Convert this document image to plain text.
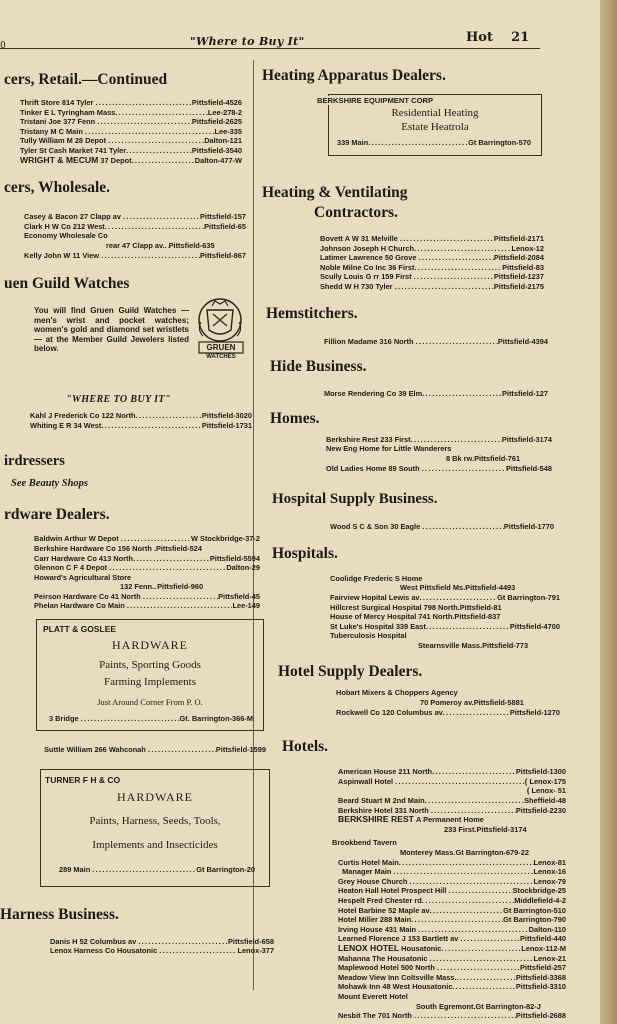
0	"Where to Buy It"	Hot 21
cers, Retail.—Continued
Thrift Store 814 Tyler .....	Pittsfield-4526
Tinker E L Tyringham Mass .....	Lee-278-2
Tristani Joe 377 Fenn .....	Pittsfield-2625
Tristany M C Main .....	Lee-335
Tully William M 28 Depot .....	Dalton-121
Tyler St Cash Market 741 Tyler .....	Pittsfield-3540
WRIGHT & MECUM 37 Depot .....	Dalton-477-W
cers, Wholesale.
Casey & Bacon 27 Clapp av .....	Pittsfield-157
Clark H W Co 212 West .....	Pittsfield-65
Economy Wholesale Co
rear 47 Clapp av. ..... Pittsfield-635
Kelly John W 11 View .....	Pittsfield-867
uen Guild Watches
You will find Gruen Guild Watches — men's wrist and pocket watches; women's gold and diamond set wristlets— at the Member Guild Jewelers listed below.	GRUEN
WATCHES
"WHERE TO BUY IT"
Kahl J Frederick Co 122 North .....	Pittsfield-3020
Whiting E R 34 West .....	Pittsfield-1731
irdressers
See Beauty Shops
rdware Dealers.
Baldwin Arthur W Depot .....	W Stockbridge-37-2
Berkshire Hardware Co 156 North ..... Pittsfield-524
Carr Hardware Co 413 North .....	Pittsfield-5594
Glennon C F 4 Depot .....	Dalton-29
Howard's Agricultural Store
132 Fenn. ..... Pittsfield-960
Peirson Hardware Co 41 North .....	Pittsfield-45
Phelan Hardware Co Main .....	Lee-149
PLATT & GOSLEE
HARDWARE
Paints, Sporting Goods
Farming Implements
Just Around Corner From P. O.
3 Bridge .....	Gt. Barrington-366-M
Suttle William 266 Wahconah .....	Pittsfield-1599
TURNER F H & CO
HARDWARE
Paints, Harness, Seeds, Tools,
Implements and Insecticides
289 Main .....	Gt Barrington-20
Harness Business.
Danis H 52 Columbus av .....	Pittsfield-658
Lenox Harness Co Housatonic .....	Lenox-377
Heating Apparatus Dealers.
BERKSHIRE EQUIPMENT CORP
Residential Heating
Estate Heatrola
339 Main .....	Gt Barrington-570
Heating & Ventilating
Contractors.
Bovett A W 31 Melville .....	Pittsfield-2171
Johnson Joseph H Church .....	Lenox-12
Latimer Lawrence 50 Grove .....	Pittsfield-2084
Noble Milne Co Inc 36 First .....	Pittsfield-83
Scully Louis G rr 159 First .....	Pittsfield-1237
Shedd W H 730 Tyler .....	Pittsfield-2175
Hemstitchers.
Fillion Madame 316 North .....	Pittsfield-4394
Hide Business.
Morse Rendering Co 39 Elm .....	Pittsfield-127
Homes.
Berkshire Rest 233 First .....	Pittsfield-3174
New Eng Home for Little Wanderers
8 Bk rw. Pittsfield-761
Old Ladies Home 89 South .....	Pittsfield-548
Hospital Supply Business.
Wood S C & Son 30 Eagle .....	Pittsfield-1770
Hospitals.
Coolidge Frederic S Home
West Pittsfield Ms. Pittsfield-4493
Fairview Hopital Lewis av .....	Gt Barrington-791
Hillcrest Surgical Hospital 798 North ..... Pittsfield-81
House of Mercy Hospital 741 North ..... Pittsfield-837
St Luke's Hospital 339 East .....	Pittsfield-4700
Tuberculosis Hospital
Stearnsville Mass. Pittsfield-773
Hotel Supply Dealers.
Hobart Mixers & Choppers Agency
70 Pomeroy av. Pittsfield-5881
Rockwell Co 120 Columbus av .....	Pittsfield-1270
Hotels.
American House 211 North .....	Pittsfield-1300
Aspinwall Hotel .....	{ Lenox-175
{ Lenox- 51
Beard Stuart M 2nd Main .....	Sheffield-48
Berkshire Hotel 331 North .....	Pittsfield-2230
BERKSHIRE REST
A Permanent Home
233 First. Pittsfield-3174
Brookbend Tavern
Monterey Mass. Gt Barrington-679-22
Curtis Hotel Main .....	Lenox-81
Manager Main .....	Lenox-16
Grey House Church .....	Lenox-79
Heaton Hall Hotel Prospect Hill .....	Stockbridge-25
Hespelt Fred Chester rd .....	Middlefield-4-2
Hotel Barbine 52 Maple av .....	Gt Barrington-510
Hotel Miller 288 Main .....	Gt Barrington-790
Irving House 431 Main .....	Dalton-110
Learned Florence J 153 Bartlett av .....	Pittsfield-440
LENOX HOTEL Housatonic .....	Lenox-112-M
Mahanna The Housatonic .....	Lenox-21
Maplewood Hotel 500 North .....	Pittsfield-257
Meadow View Inn Coltsville Mass. .....	Pittsfield-3368
Mohawk Inn 48 West Housatonic .....	Pittsfield-3310
Mount Everett Hotel
South Egremont. Gt Barrington-82-J
Nesbit The 701 North .....	Pittsfield-2688
